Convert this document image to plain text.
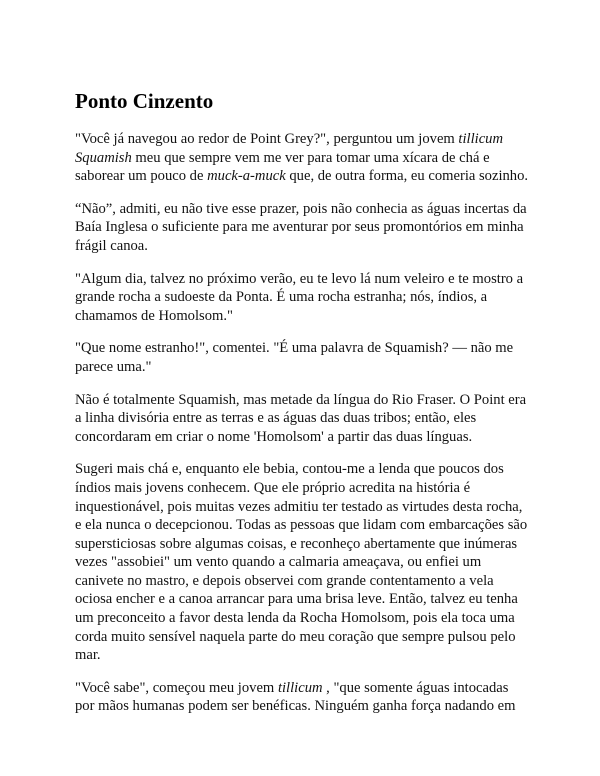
Ponto Cinzento

"Você já navegou ao redor de Point Grey?", perguntou um jovem tillicum Squamish meu que sempre vem me ver para tomar uma xícara de chá e saborear um pouco de muck-a-muck que, de outra forma, eu comeria sozinho.

“Não”, admiti, eu não tive esse prazer, pois não conhecia as águas incertas da Baía Inglesa o suficiente para me aventurar por seus promontórios em minha frágil canoa.

"Algum dia, talvez no próximo verão, eu te levo lá num veleiro e te mostro a grande rocha a sudoeste da Ponta. É uma rocha estranha; nós, índios, a chamamos de Homolsom."

"Que nome estranho!", comentei. "É uma palavra de Squamish? — não me parece uma."

Não é totalmente Squamish, mas metade da língua do Rio Fraser. O Point era a linha divisória entre as terras e as águas das duas tribos; então, eles concordaram em criar o nome 'Homolsom' a partir das duas línguas.

Sugeri mais chá e, enquanto ele bebia, contou-me a lenda que poucos dos índios mais jovens conhecem. Que ele próprio acredita na história é inquestionável, pois muitas vezes admitiu ter testado as virtudes desta rocha, e ela nunca o decepcionou. Todas as pessoas que lidam com embarcações são supersticiosas sobre algumas coisas, e reconheço abertamente que inúmeras vezes "assobiei" um vento quando a calmaria ameaçava, ou enfiei um canivete no mastro, e depois observei com grande contentamento a vela ociosa encher e a canoa arrancar para uma brisa leve. Então, talvez eu tenha um preconceito a favor desta lenda da Rocha Homolsom, pois ela toca uma corda muito sensível naquela parte do meu coração que sempre pulsou pelo mar.

"Você sabe", começou meu jovem tillicum , "que somente águas intocadas por mãos humanas podem ser benéficas. Ninguém ganha força nadando em
